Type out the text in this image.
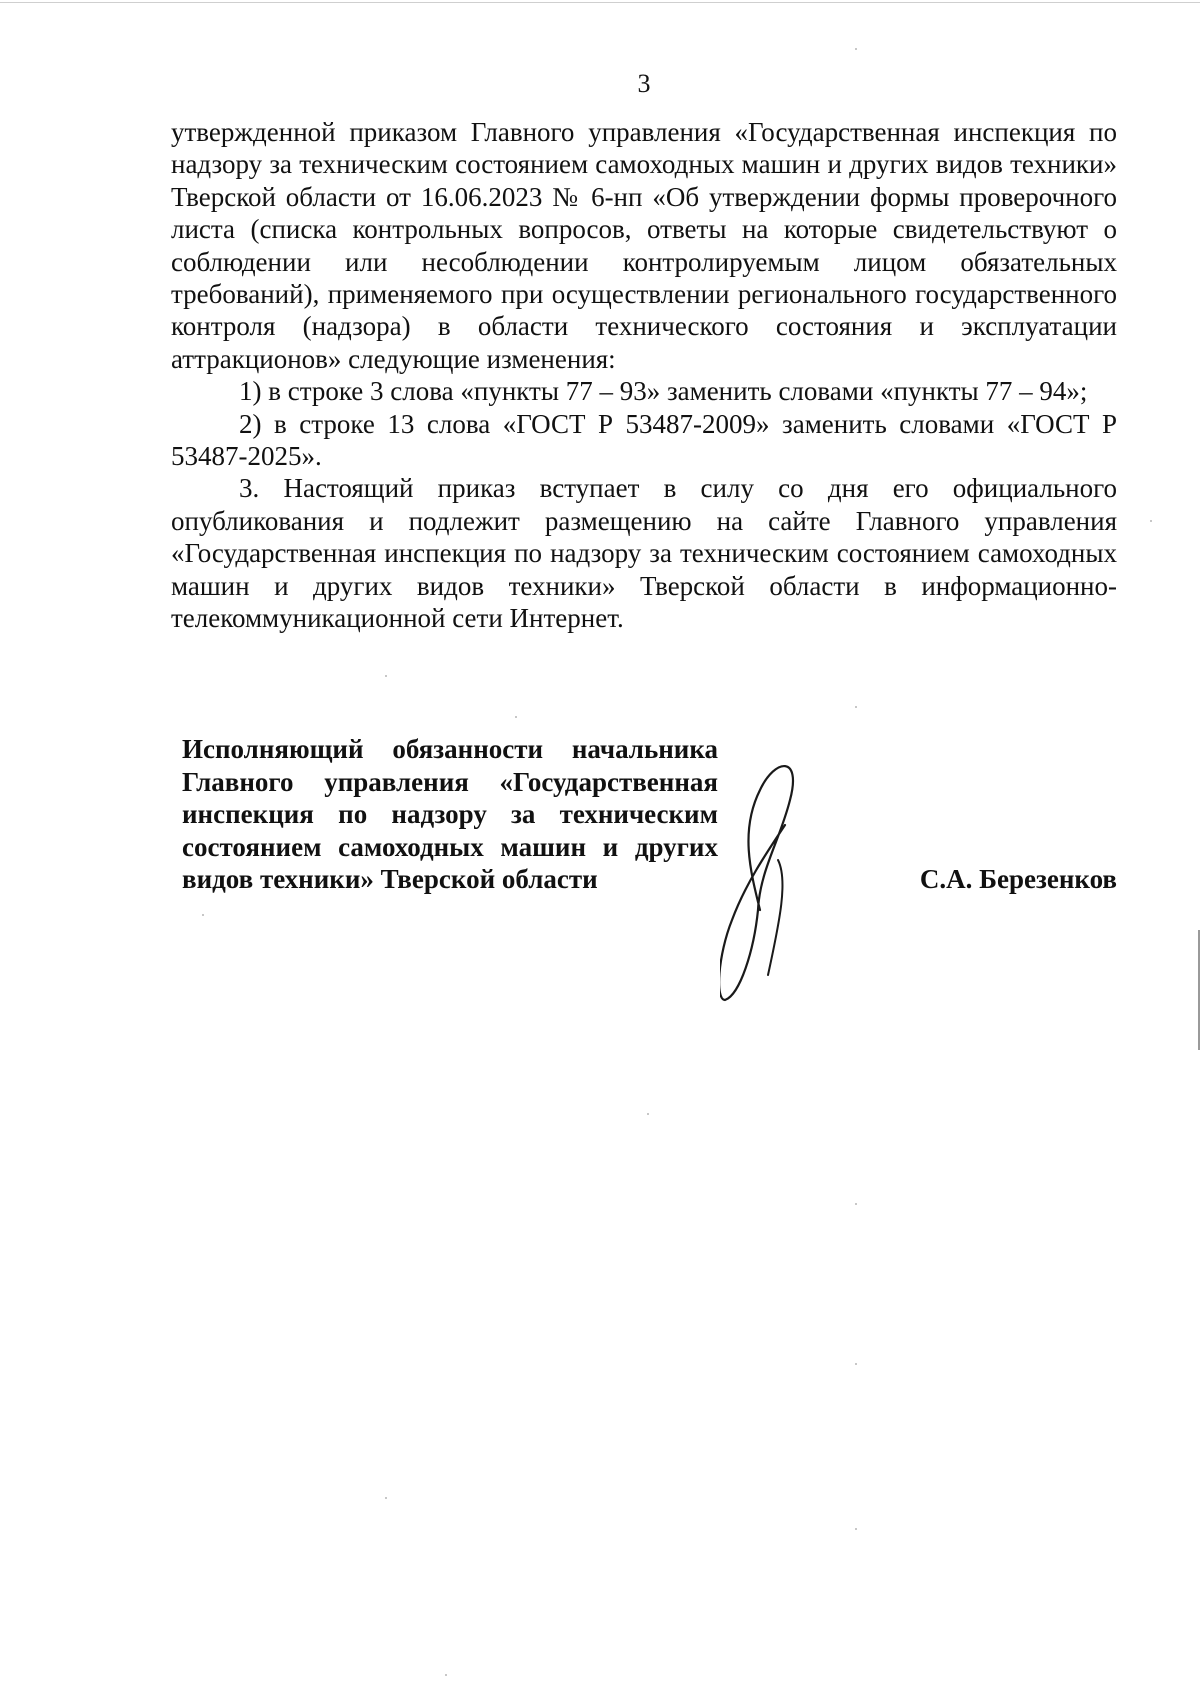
3

утвержденной приказом Главного управления «Государственная инспекция по надзору за техническим состоянием самоходных машин и других видов техники» Тверской области от 16.06.2023 № 6-нп «Об утверждении формы проверочного листа (списка контрольных вопросов, ответы на которые свидетельствуют о соблюдении или несоблюдении контролируемым лицом обязательных требований), применяемого при осуществлении регионального государственного контроля (надзора) в области технического состояния и эксплуатации аттракционов» следующие изменения:

1) в строке 3 слова «пункты 77 – 93» заменить словами «пункты 77 – 94»;

2) в строке 13 слова «ГОСТ Р 53487-2009» заменить словами «ГОСТ Р 53487-2025».

3. Настоящий приказ вступает в силу со дня его официального опубликования и подлежит размещению на сайте Главного управления «Государственная инспекция по надзору за техническим состоянием самоходных машин и других видов техники» Тверской области в информационно-телекоммуникационной сети Интернет.

Исполняющий обязанности начальника Главного управления «Государственная инспекция по надзору за техническим состоянием самоходных машин и других видов техники» Тверской области	С.А. Березенков
